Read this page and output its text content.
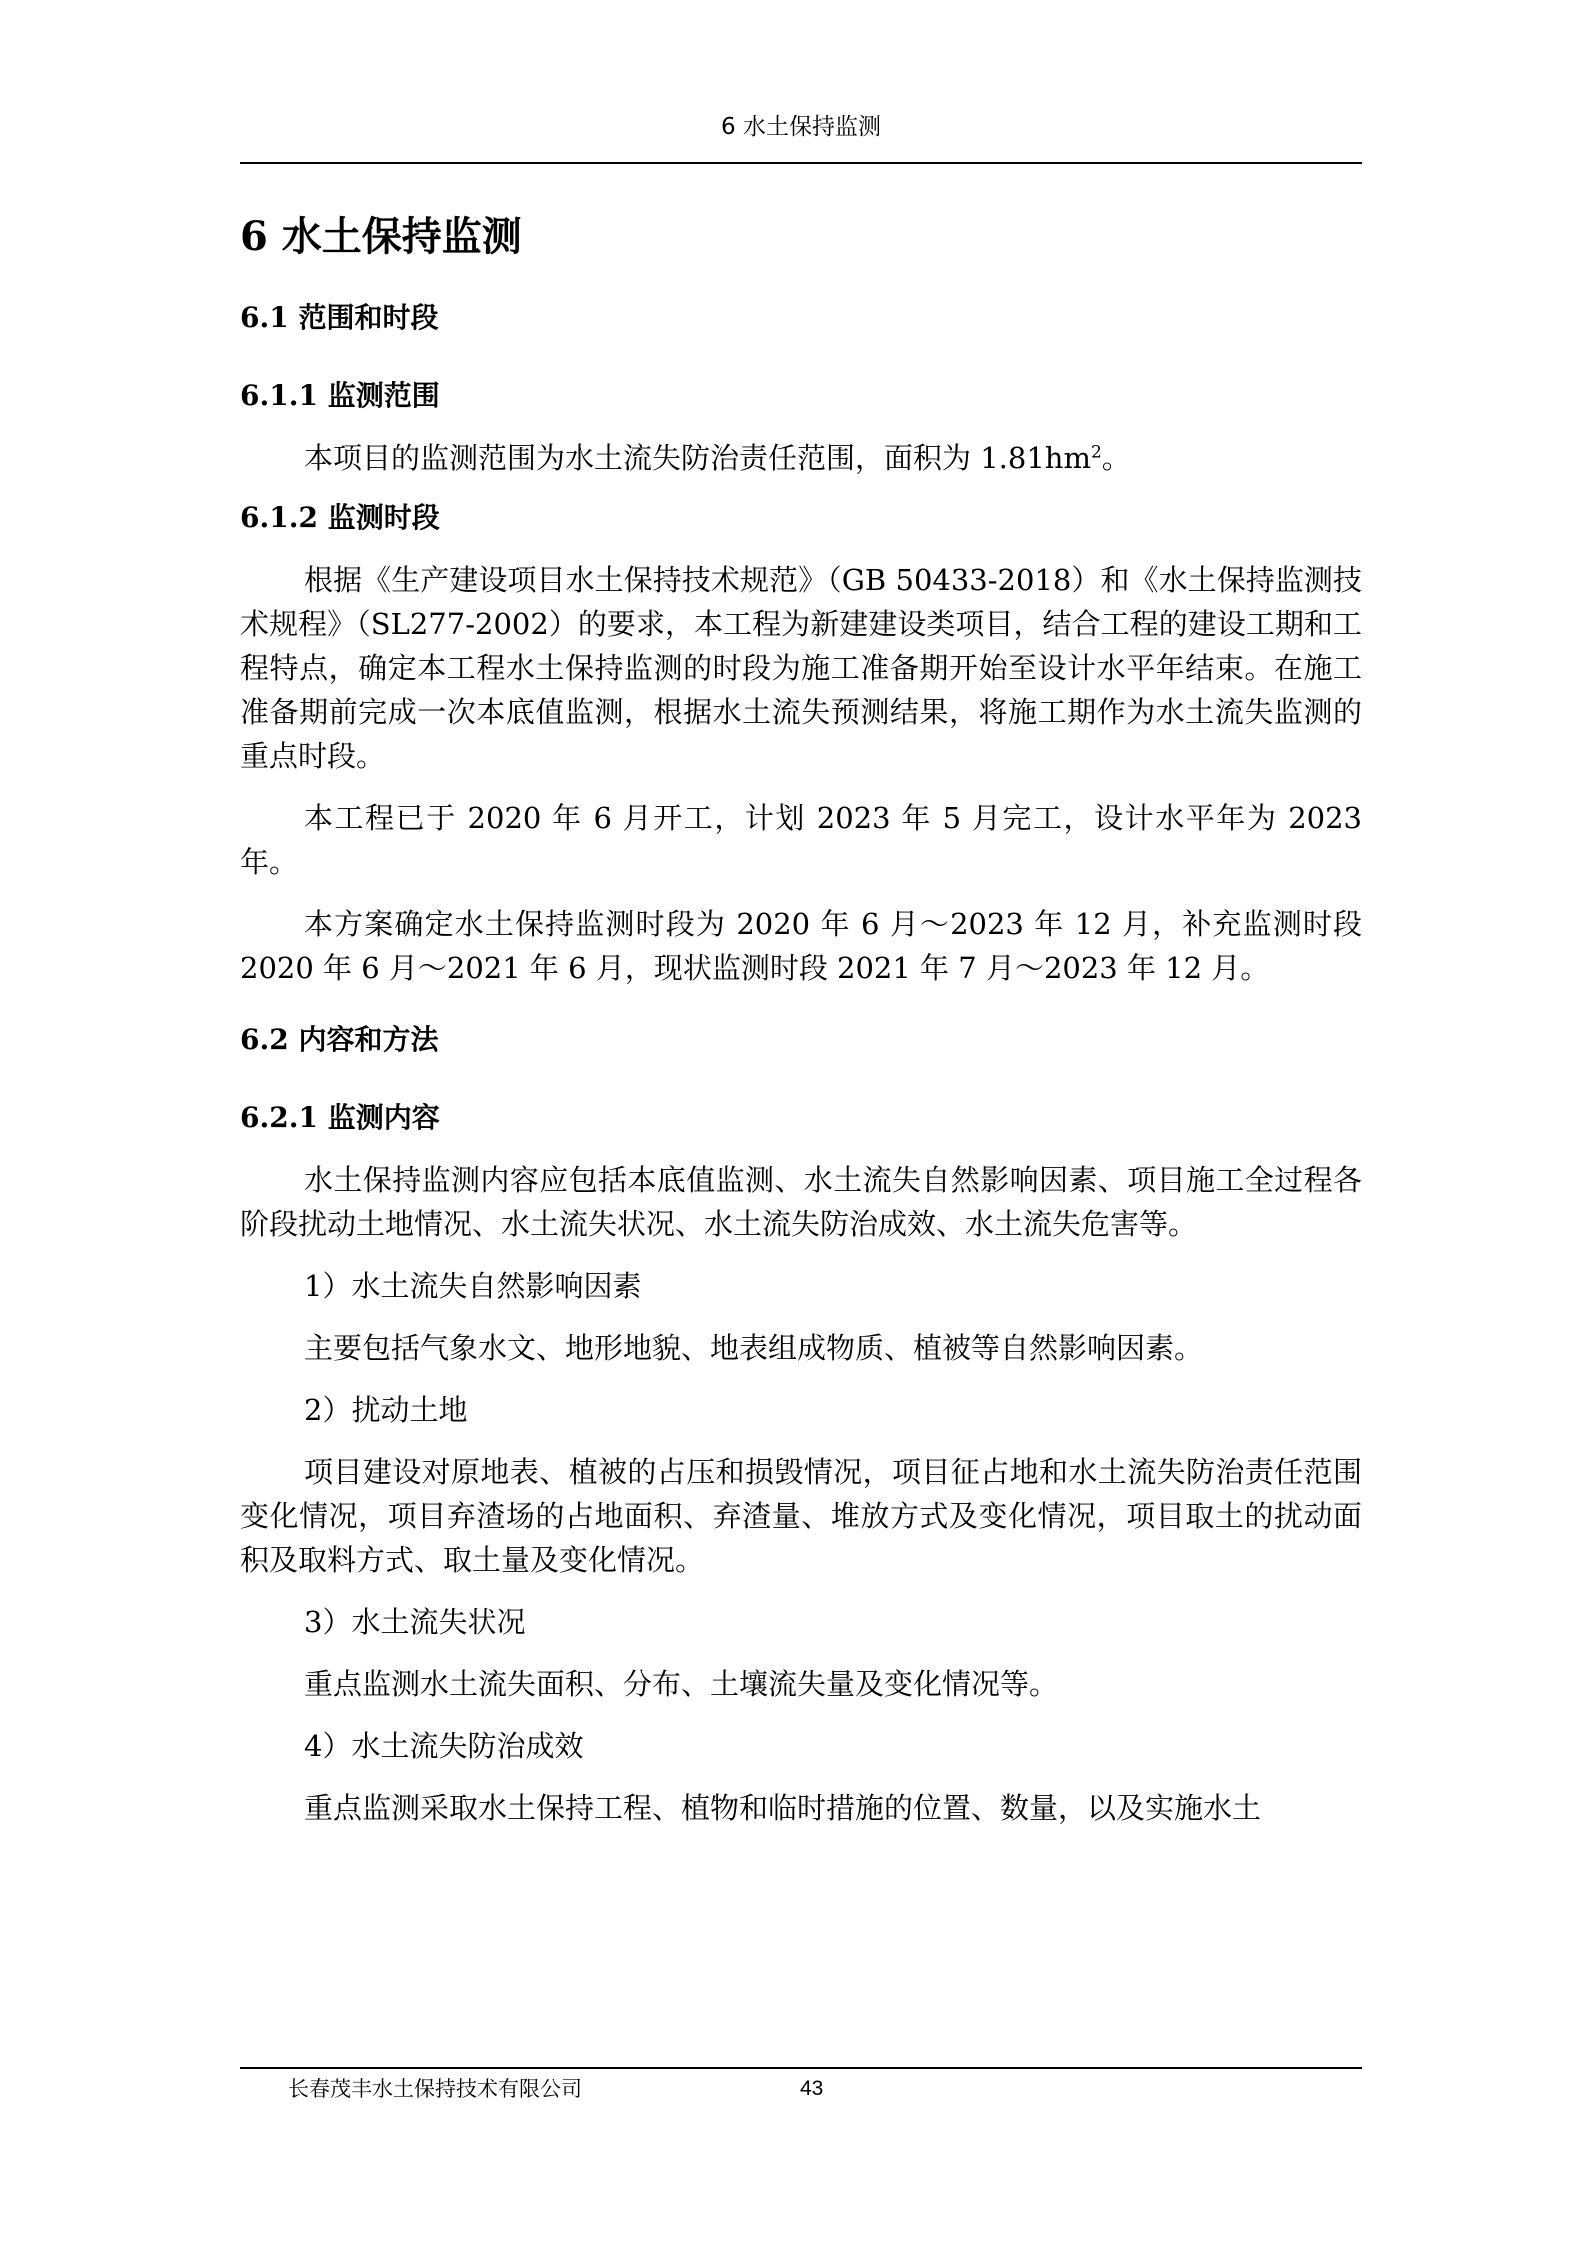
6 水土保持监测
6 水土保持监测
6.1 范围和时段
6.1.1 监测范围

本项目的监测范围为水土流失防治责任范围，面积为 $1.81hm^2$。

6.1.2 监测时段

根据《生产建设项目水土保持技术规范》（GB 50433-2018）和《水土保持监测技术规程》（SL277-2002）的要求，本工程为新建建设类项目，结合工程的建设工期和工程特点，确定本工程水土保持监测的时段为施工准备期开始至设计水平年结束。在施工准备期前完成一次本底值监测，根据水土流失预测结果，将施工期作为水土流失监测的重点时段。

本工程已于 2020 年 6 月开工，计划 2023 年 5 月完工，设计水平年为 2023 年。

本方案确定水土保持监测时段为 2020 年 6 月～2023 年 12 月，补充监测时段 2020 年 6 月～2021 年 6 月，现状监测时段 2021 年 7 月～2023 年 12 月。

6.2 内容和方法
6.2.1 监测内容

水土保持监测内容应包括本底值监测、水土流失自然影响因素、项目施工全过程各阶段扰动土地情况、水土流失状况、水土流失防治成效、水土流失危害等。

1）水土流失自然影响因素

主要包括气象水文、地形地貌、地表组成物质、植被等自然影响因素。

2）扰动土地

项目建设对原地表、植被的占压和损毁情况，项目征占地和水土流失防治责任范围变化情况，项目弃渣场的占地面积、弃渣量、堆放方式及变化情况，项目取土的扰动面积及取料方式、取土量及变化情况。

3）水土流失状况

重点监测水土流失面积、分布、土壤流失量及变化情况等。

4）水土流失防治成效

重点监测采取水土保持工程、植物和临时措施的位置、数量，以及实施水土

长春茂丰水土保持技术有限公司	43
